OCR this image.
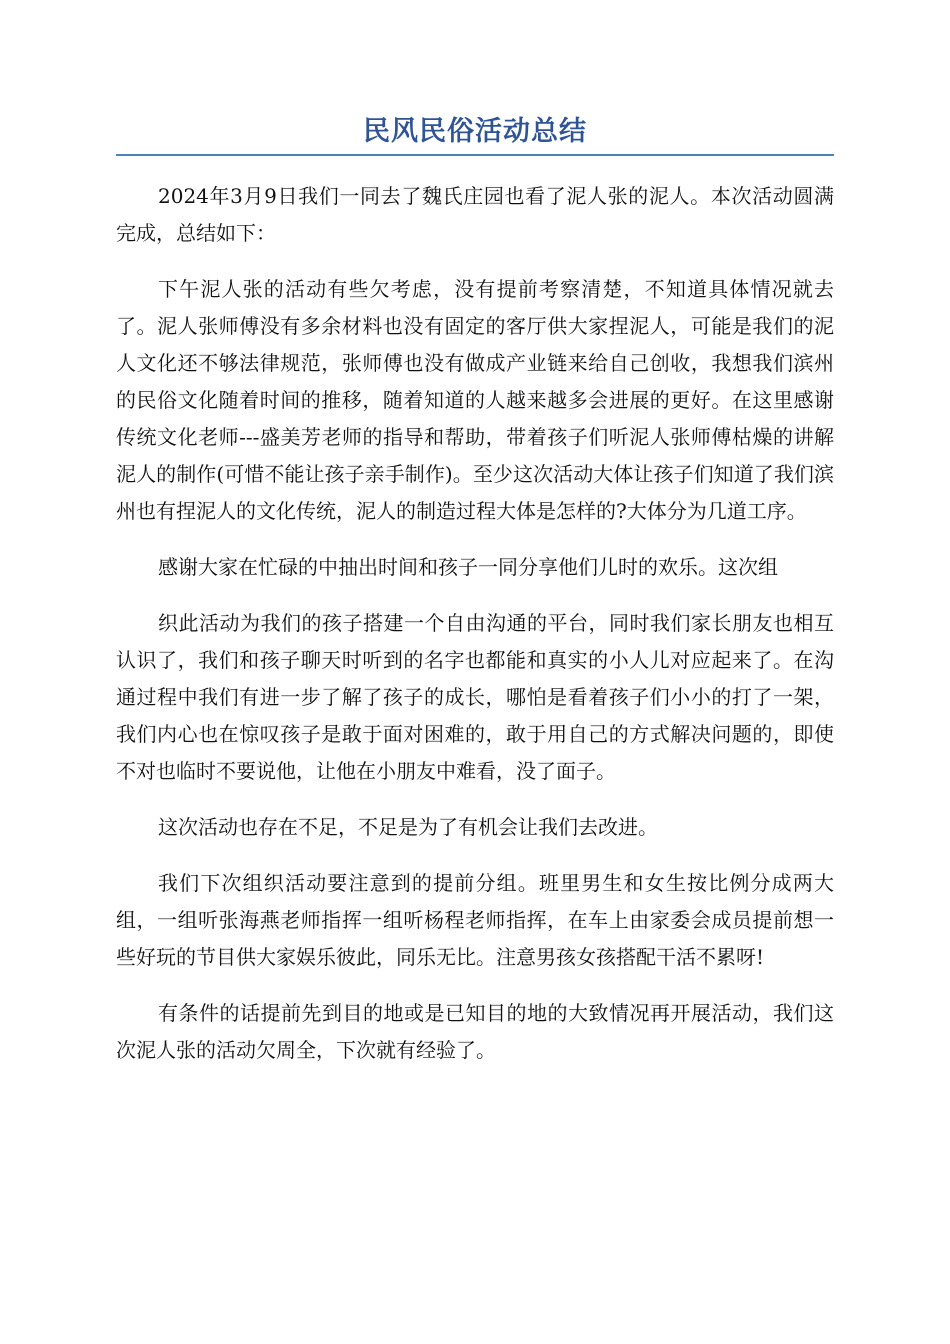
民风民俗活动总结

2024年3月9日我们一同去了魏氏庄园也看了泥人张的泥人。本次活动圆满完成，总结如下：

下午泥人张的活动有些欠考虑，没有提前考察清楚，不知道具体情况就去了。泥人张师傅没有多余材料也没有固定的客厅供大家捏泥人，可能是我们的泥人文化还不够法律规范，张师傅也没有做成产业链来给自己创收，我想我们滨州的民俗文化随着时间的推移，随着知道的人越来越多会进展的更好。在这里感谢传统文化老师---盛美芳老师的指导和帮助，带着孩子们听泥人张师傅枯燥的讲解泥人的制作(可惜不能让孩子亲手制作)。至少这次活动大体让孩子们知道了我们滨州也有捏泥人的文化传统，泥人的制造过程大体是怎样的?大体分为几道工序。

感谢大家在忙碌的中抽出时间和孩子一同分享他们儿时的欢乐。这次组

织此活动为我们的孩子搭建一个自由沟通的平台，同时我们家长朋友也相互认识了，我们和孩子聊天时听到的名字也都能和真实的小人儿对应起来了。在沟通过程中我们有进一步了解了孩子的成长，哪怕是看着孩子们小小的打了一架，我们内心也在惊叹孩子是敢于面对困难的，敢于用自己的方式解决问题的，即使不对也临时不要说他，让他在小朋友中难看，没了面子。

这次活动也存在不足，不足是为了有机会让我们去改进。

我们下次组织活动要注意到的提前分组。班里男生和女生按比例分成两大组，一组听张海燕老师指挥一组听杨程老师指挥，在车上由家委会成员提前想一些好玩的节目供大家娱乐彼此，同乐无比。注意男孩女孩搭配干活不累呀!

有条件的话提前先到目的地或是已知目的地的大致情况再开展活动，我们这次泥人张的活动欠周全，下次就有经验了。
